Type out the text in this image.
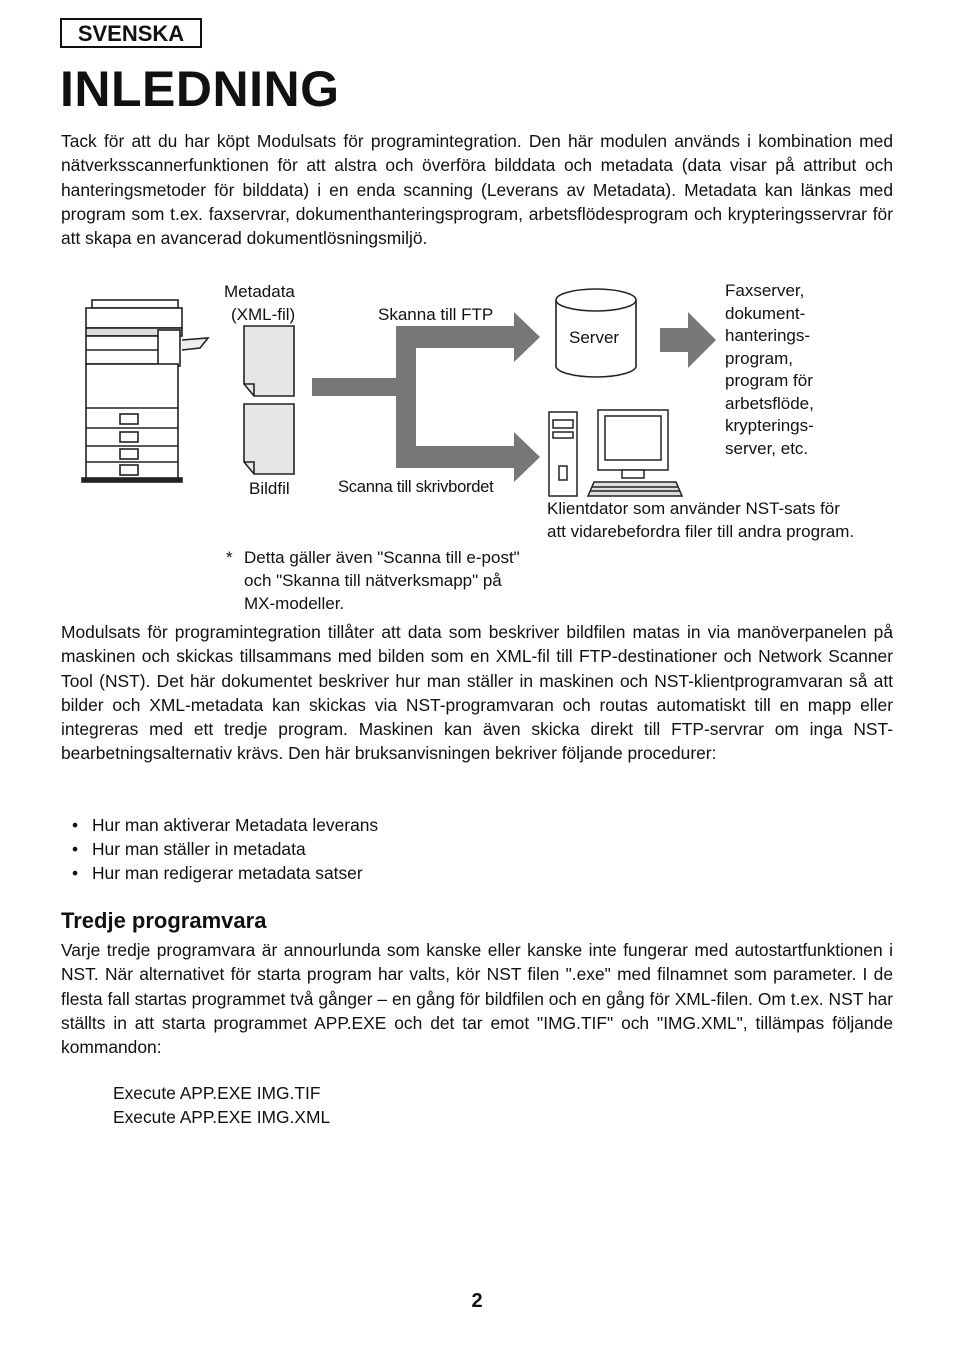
SVENSKA
INLEDNING

Tack för att du har köpt Modulsats för programintegration. Den här modulen används i kombination med nätverksscannerfunktionen för att alstra och överföra bilddata och metadata (data visar på attribut och hanteringsmetoder för bilddata) i en enda scanning (Leverans av Metadata). Metadata kan länkas med program som t.ex. faxservrar, dokumenthanteringsprogram, arbetsflödesprogram och krypteringsservrar för att skapa en avancerad dokumentlösningsmiljö.

Metadata
(XML-fil)
Bildfil
Skanna till FTP
Scanna till skrivbordet
Server
Faxserver,
dokument-
hanterings-
program,
program för
arbetsflöde,
krypterings-
server, etc.
Klientdator som använder NST-sats för
att vidarebefordra filer till andra program.
* Detta gäller även "Scanna till e-post"
och "Skanna till nätverksmapp" på
MX-modeller.

Modulsats för programintegration tillåter att data som beskriver bildfilen matas in via manöverpanelen på maskinen och skickas tillsammans med bilden som en XML-fil till FTP-destinationer och Network Scanner Tool (NST). Det här dokumentet beskriver hur man ställer in maskinen och NST-klientprogramvaran så att bilder och XML-metadata kan skickas via NST-programvaran och routas automatiskt till en mapp eller integreras med ett tredje program. Maskinen kan även skicka direkt till FTP-servrar om inga NST-bearbetningsalternativ krävs. Den här bruksanvisningen bekriver följande procedurer:

• Hur man aktiverar Metadata leverans
• Hur man ställer in metadata
• Hur man redigerar metadata satser
Tredje programvara

Varje tredje programvara är annourlunda som kanske eller kanske inte fungerar med autostartfunktionen i NST. När alternativet för starta program har valts, kör NST filen ".exe" med filnamnet som parameter. I de flesta fall startas programmet två gånger – en gång för bildfilen och en gång för XML-filen. Om t.ex. NST har ställts in att starta programmet APP.EXE och det tar emot "IMG.TIF" och "IMG.XML", tillämpas följande kommandon:

Execute APP.EXE IMG.TIF
Execute APP.EXE IMG.XML
2
